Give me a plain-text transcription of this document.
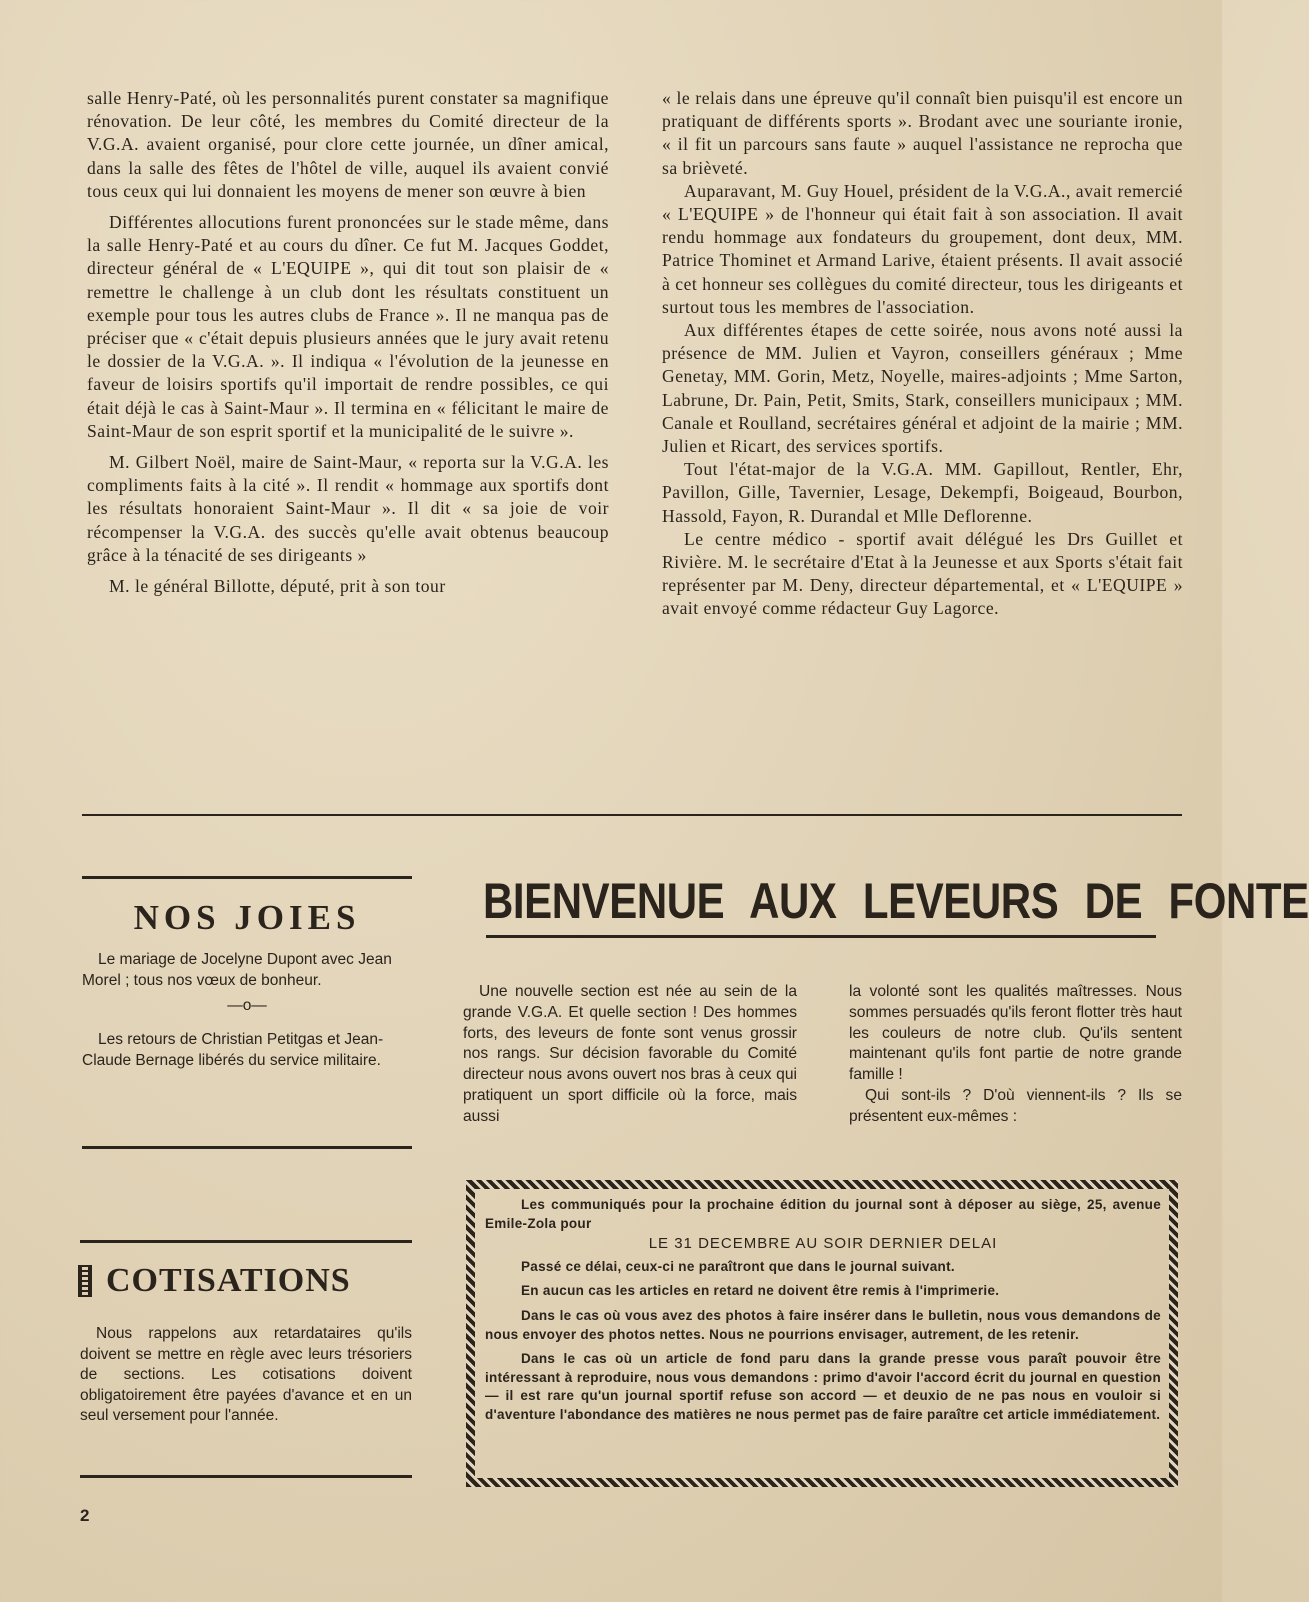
salle Henry-Paté, où les personnalités purent constater sa magnifique rénovation. De leur côté, les membres du Comité directeur de la V.G.A. avaient organisé, pour clore cette journée, un dîner amical, dans la salle des fêtes de l'hôtel de ville, auquel ils avaient convié tous ceux qui lui donnaient les moyens de mener son œuvre à bien

Différentes allocutions furent prononcées sur le stade même, dans la salle Henry-Paté et au cours du dîner. Ce fut M. Jacques Goddet, directeur général de « L'EQUIPE », qui dit tout son plaisir de « remettre le challenge à un club dont les résultats constituent un exemple pour tous les autres clubs de France ». Il ne manqua pas de préciser que « c'était depuis plusieurs années que le jury avait retenu le dossier de la V.G.A. ». Il indiqua « l'évolution de la jeunesse en faveur de loisirs sportifs qu'il importait de rendre possibles, ce qui était déjà le cas à Saint-Maur ». Il termina en « félicitant le maire de Saint-Maur de son esprit sportif et la municipalité de le suivre ».

M. Gilbert Noël, maire de Saint-Maur, « reporta sur la V.G.A. les compliments faits à la cité ». Il rendit « hommage aux sportifs dont les résultats honoraient Saint-Maur ». Il dit « sa joie de voir récompenser la V.G.A. des succès qu'elle avait obtenus beaucoup grâce à la ténacité de ses dirigeants »

M. le général Billotte, député, prit à son tour

« le relais dans une épreuve qu'il connaît bien puisqu'il est encore un pratiquant de différents sports ». Brodant avec une souriante ironie, « il fit un parcours sans faute » auquel l'assistance ne reprocha que sa brièveté.

Auparavant, M. Guy Houel, président de la V.G.A., avait remercié « L'EQUIPE » de l'honneur qui était fait à son association. Il avait rendu hommage aux fondateurs du groupement, dont deux, MM. Patrice Thominet et Armand Larive, étaient présents. Il avait associé à cet honneur ses collègues du comité directeur, tous les dirigeants et surtout tous les membres de l'association.

Aux différentes étapes de cette soirée, nous avons noté aussi la présence de MM. Julien et Vayron, conseillers généraux ; Mme Genetay, MM. Gorin, Metz, Noyelle, maires-adjoints ; Mme Sarton, Labrune, Dr. Pain, Petit, Smits, Stark, conseillers municipaux ; MM. Canale et Roulland, secrétaires général et adjoint de la mairie ; MM. Julien et Ricart, des services sportifs.

Tout l'état-major de la V.G.A. MM. Gapillout, Rentler, Ehr, Pavillon, Gille, Tavernier, Lesage, Dekempfi, Boigeaud, Bourbon, Hassold, Fayon, R. Durandal et Mlle Deflorenne.

Le centre médico - sportif avait délégué les Drs Guillet et Rivière. M. le secrétaire d'Etat à la Jeunesse et aux Sports s'était fait représenter par M. Deny, directeur départemental, et « L'EQUIPE » avait envoyé comme rédacteur Guy Lagorce.

NOS JOIES

Le mariage de Jocelyne Dupont avec Jean Morel ; tous nos vœux de bonheur.

—o—

Les retours de Christian Petitgas et Jean-Claude Bernage libérés du service militaire.

COTISATIONS

Nous rappelons aux retardataires qu'ils doivent se mettre en règle avec leurs trésoriers de sections. Les cotisations doivent obligatoirement être payées d'avance et en un seul versement pour l'année.

BIENVENUE AUX LEVEURS DE FONTE

Une nouvelle section est née au sein de la grande V.G.A. Et quelle section ! Des hommes forts, des leveurs de fonte sont venus grossir nos rangs. Sur décision favorable du Comité directeur nous avons ouvert nos bras à ceux qui pratiquent un sport difficile où la force, mais aussi

la volonté sont les qualités maîtresses. Nous sommes persuadés qu'ils feront flotter très haut les couleurs de notre club. Qu'ils sentent maintenant qu'ils font partie de notre grande famille !

Qui sont-ils ? D'où viennent-ils ? Ils se présentent eux-mêmes :

Les communiqués pour la prochaine édition du journal sont à déposer au siège, 25, avenue Emile-Zola pour

LE 31 DECEMBRE AU SOIR DERNIER DELAI

Passé ce délai, ceux-ci ne paraîtront que dans le journal suivant.

En aucun cas les articles en retard ne doivent être remis à l'imprimerie.

Dans le cas où vous avez des photos à faire insérer dans le bulletin, nous vous demandons de nous envoyer des photos nettes. Nous ne pourrions envisager, autrement, de les retenir.

Dans le cas où un article de fond paru dans la grande presse vous paraît pouvoir être intéressant à reproduire, nous vous demandons : primo d'avoir l'accord écrit du journal en question — il est rare qu'un journal sportif refuse son accord — et deuxio de ne pas nous en vouloir si d'aventure l'abondance des matières ne nous permet pas de faire paraître cet article immédiatement.

2
